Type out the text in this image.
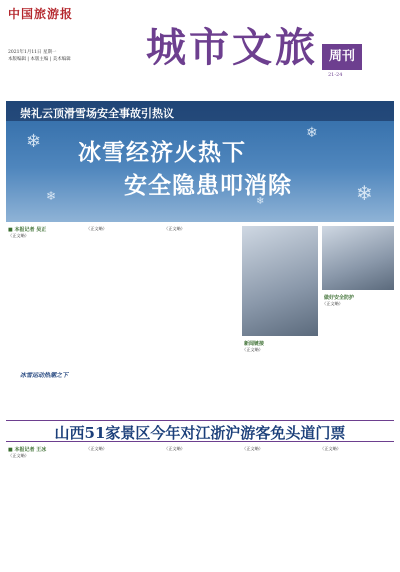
中国旅游报
2021年1月11日 星期一
本版编辑 | 本版主编 | 美术编辑 城市文旅 周刊
21-24
崇礼云顶滑雪场安全事故引热议
冰雪经济火热下
安全隐患叩消除
❄	❄
❄
❄	❄
■ 本报记者 吴正
（正文略）
冰雪运动热潮之下
（正文略）	（正文略）
新闻链接
（正文略）
做好安全防护
（正文略）
山西51家景区今年对江浙沪游客免头道门票
■ 本报记者 王冰
（正文略）
（正文略）	（正文略）	（正文略）	（正文略）
